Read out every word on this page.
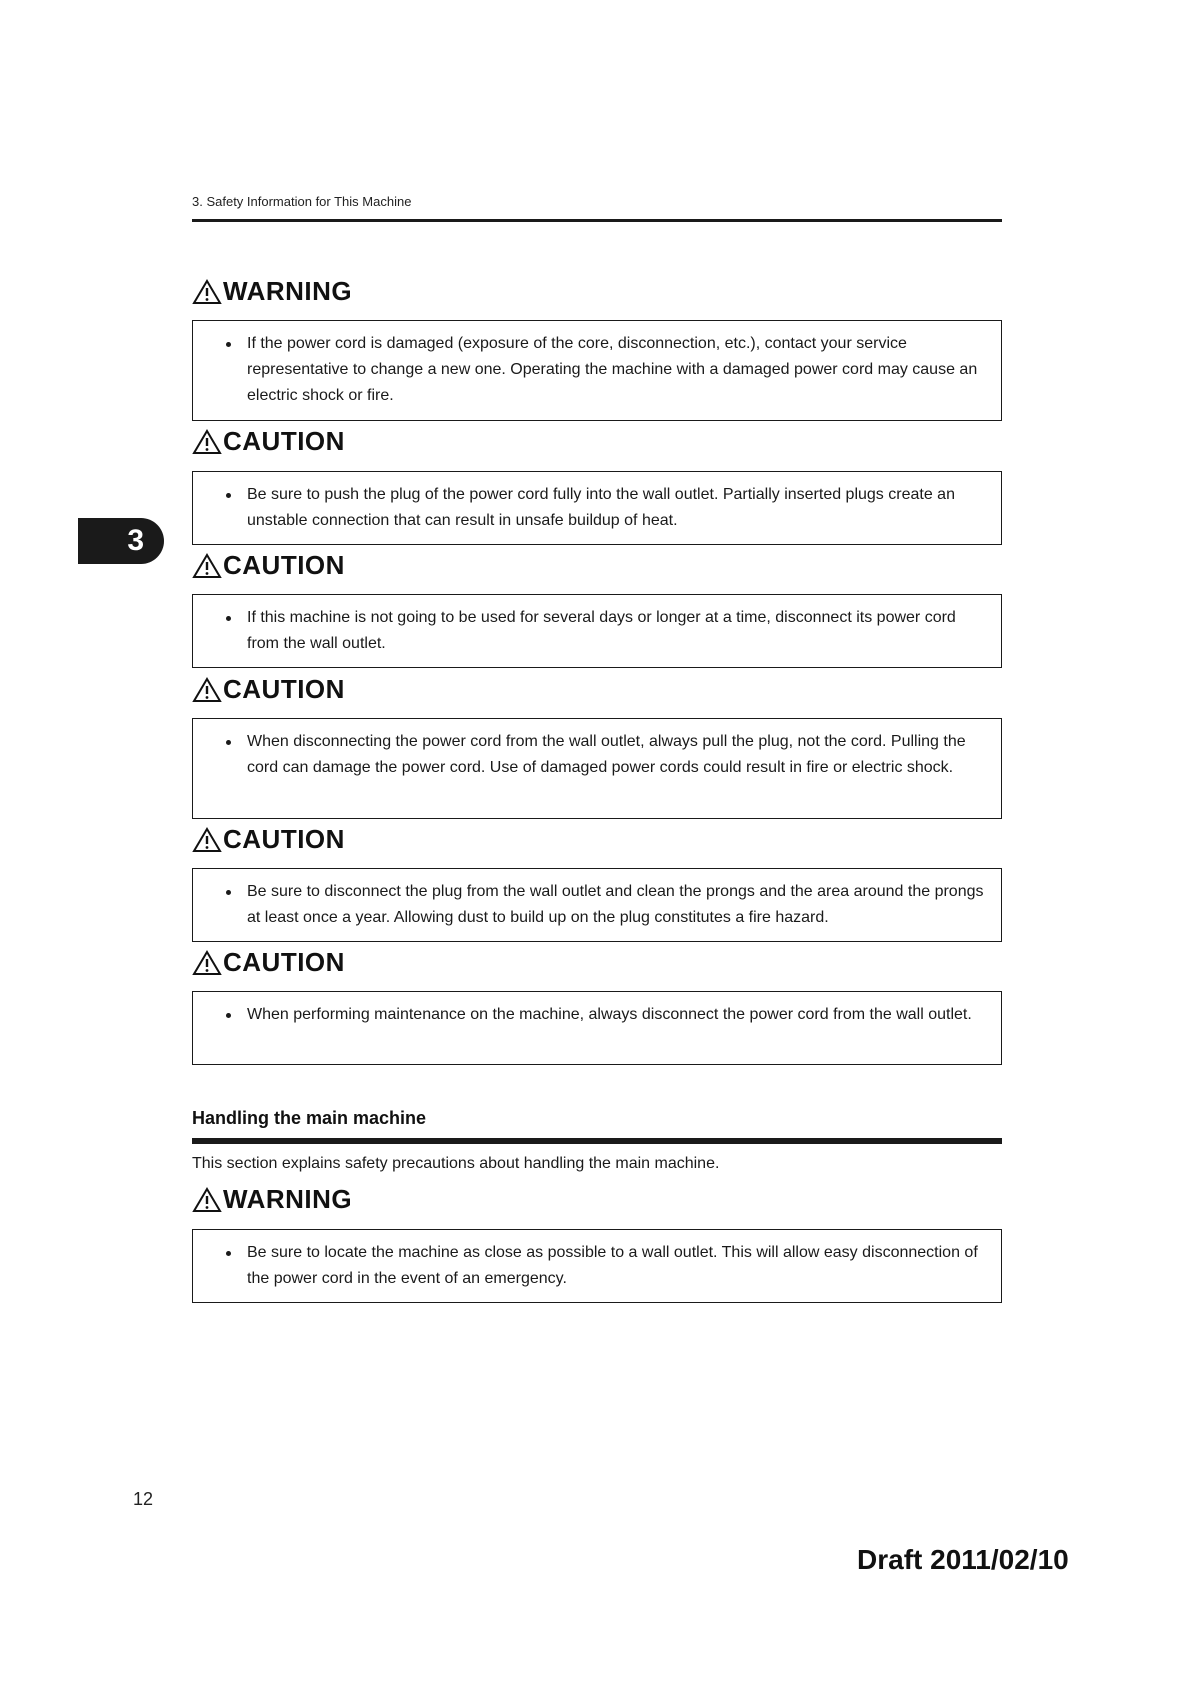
3. Safety Information for This Machine
3
WARNING
If the power cord is damaged (exposure of the core, disconnection, etc.), contact your service representative to change a new one. Operating the machine with a damaged power cord may cause an electric shock or fire.
CAUTION
Be sure to push the plug of the power cord fully into the wall outlet. Partially inserted plugs create an unstable connection that can result in unsafe buildup of heat.
CAUTION
If this machine is not going to be used for several days or longer at a time, disconnect its power cord from the wall outlet.
CAUTION
When disconnecting the power cord from the wall outlet, always pull the plug, not the cord. Pulling the cord can damage the power cord. Use of damaged power cords could result in fire or electric shock.
CAUTION
Be sure to disconnect the plug from the wall outlet and clean the prongs and the area around the prongs at least once a year. Allowing dust to build up on the plug constitutes a fire hazard.
CAUTION
When performing maintenance on the machine, always disconnect the power cord from the wall outlet.
Handling the main machine
This section explains safety precautions about handling the main machine.
WARNING
Be sure to locate the machine as close as possible to a wall outlet. This will allow easy disconnection of the power cord in the event of an emergency.
12
Draft 2011/02/10
